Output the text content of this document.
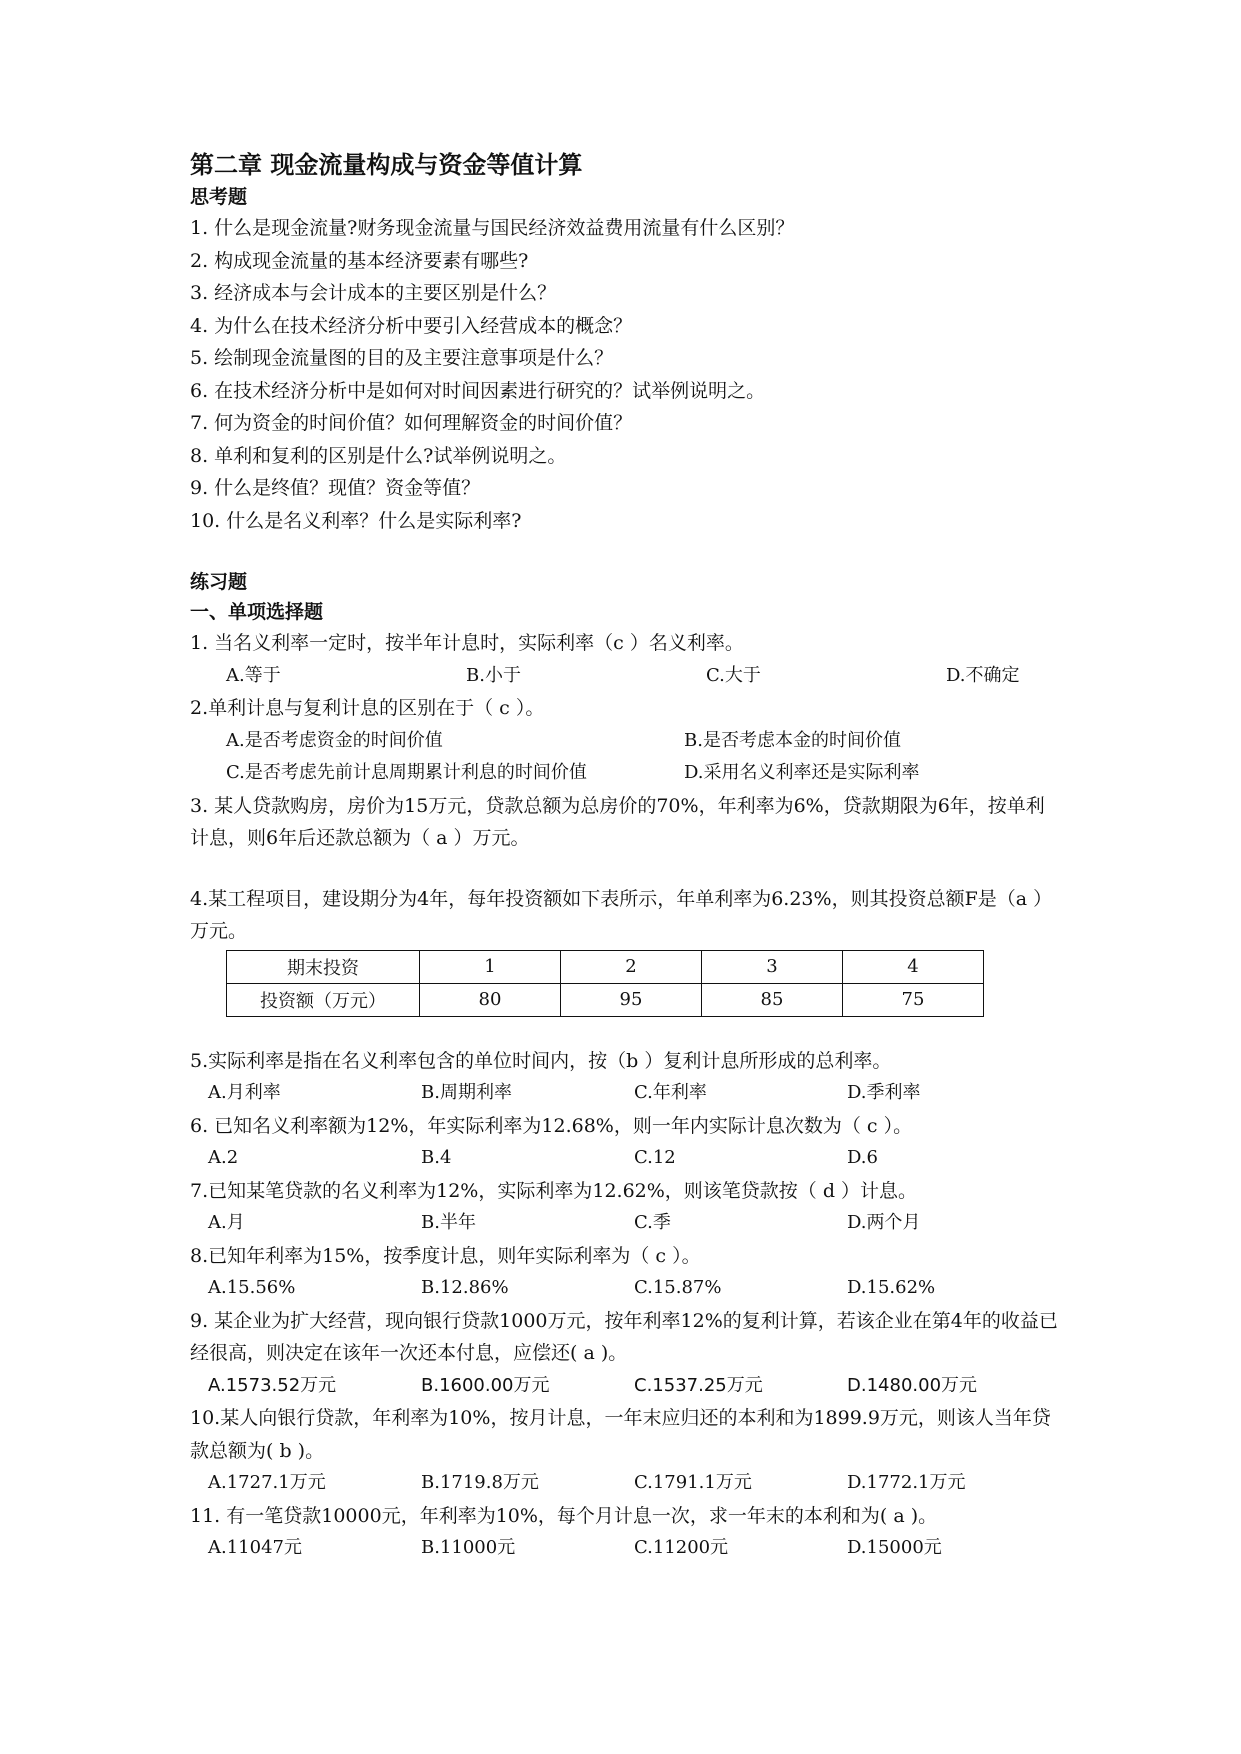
第二章 现金流量构成与资金等值计算
思考题
1. 什么是现金流量?财务现金流量与国民经济效益费用流量有什么区别？
2. 构成现金流量的基本经济要素有哪些?
3. 经济成本与会计成本的主要区别是什么？
4. 为什么在技术经济分析中要引入经营成本的概念？
5. 绘制现金流量图的目的及主要注意事项是什么？
6. 在技术经济分析中是如何对时间因素进行研究的？试举例说明之。
7. 何为资金的时间价值？如何理解资金的时间价值？
8. 单利和复利的区别是什么?试举例说明之。
9. 什么是终值？现值？资金等值？
10. 什么是名义利率？什么是实际利率?
练习题
一、单项选择题
1. 当名义利率一定时，按半年计息时，实际利率（c ）名义利率。
A.等于	B.小于	C.大于	D.不确定
2.单利计息与复利计息的区别在于（ c ）。
A.是否考虑资金的时间价值	B.是否考虑本金的时间价值
C.是否考虑先前计息周期累计利息的时间价值	D.采用名义利率还是实际利率
3. 某人贷款购房，房价为15万元，贷款总额为总房价的70%，年利率为6%，贷款期限为6年，按单利计息，则6年后还款总额为（ a ）万元。
4.某工程项目，建设期分为4年，每年投资额如下表所示，年单利率为6.23%，则其投资总额F是（a ）万元。
期末投资	1	2	3	4
投资额（万元）	80	95	85	75
5.实际利率是指在名义利率包含的单位时间内，按（b ）复利计息所形成的总利率。
A.月利率	B.周期利率	C.年利率	D.季利率
6. 已知名义利率额为12%，年实际利率为12.68%，则一年内实际计息次数为（ c ）。
A.2	B.4	C.12	D.6
7.已知某笔贷款的名义利率为12%，实际利率为12.62%，则该笔贷款按（ d ）计息。
A.月	B.半年	C.季	D.两个月
8.已知年利率为15%，按季度计息，则年实际利率为（ c ）。
A.15.56%	B.12.86%	C.15.87%	D.15.62%
9. 某企业为扩大经营，现向银行贷款1000万元，按年利率12%的复利计算，若该企业在第4年的收益已经很高，则决定在该年一次还本付息，应偿还( a )。
A.1573.52万元	B.1600.00万元	C.1537.25万元	D.1480.00万元
10.某人向银行贷款，年利率为10%，按月计息，一年末应归还的本利和为1899.9万元，则该人当年贷款总额为( b )。
A.1727.1万元	B.1719.8万元	C.1791.1万元	D.1772.1万元
11. 有一笔贷款10000元，年利率为10%，每个月计息一次，求一年末的本利和为( a )。
A.11047元	B.11000元	C.11200元	D.15000元
